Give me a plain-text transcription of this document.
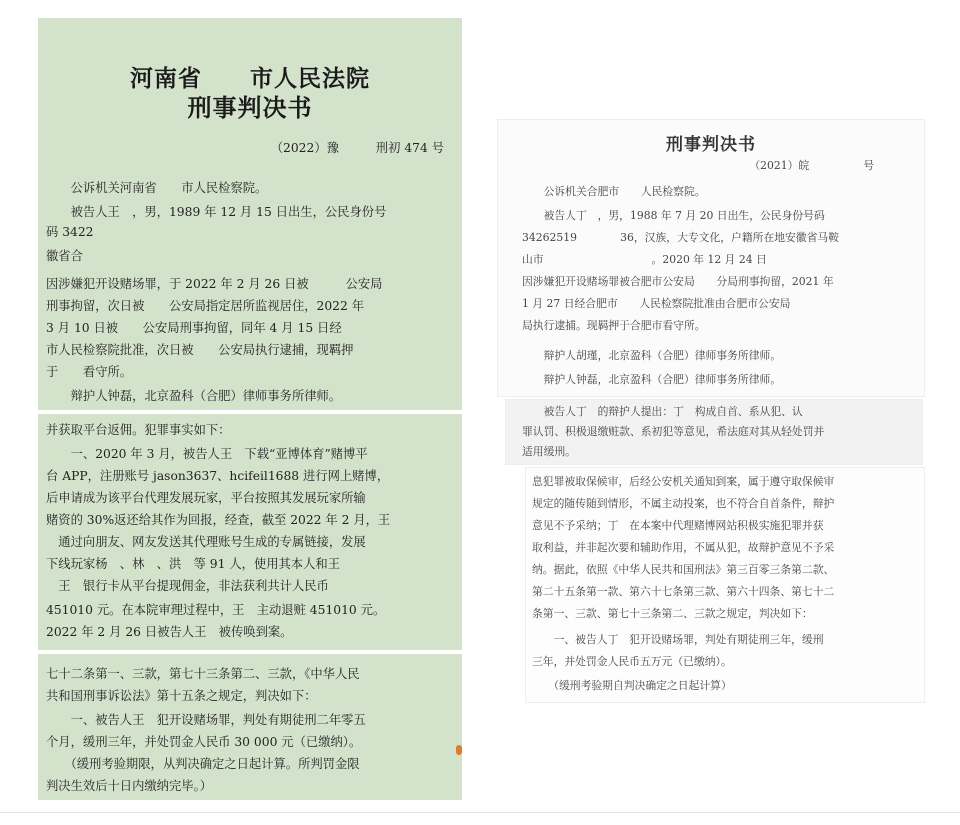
河南省　　市人民法院
刑事判决书
（2022）豫　　　刑初 474 号
　　公诉机关河南省　　市人民检察院。
　　被告人王　，男，1989 年 12 月 15 日出生，公民身份号
码 3422
徽省合
因涉嫌犯开设赌场罪，于 2022 年 2 月 26 日被　　　公安局
刑事拘留，次日被　　公安局指定居所监视居住，2022 年
3 月 10 日被　　公安局刑事拘留，同年 4 月 15 日经
市人民检察院批准，次日被　　公安局执行逮捕，现羁押
于　　看守所。
　　辩护人钟磊，北京盈科（合肥）律师事务所律师。
并获取平台返佣。犯罪事实如下：
　　一、2020 年 3 月，被告人王　下载“亚博体育”赌博平
台 APP，注册账号 jason3637、hcifeil1688 进行网上赌博，
后申请成为该平台代理发展玩家，平台按照其发展玩家所输
赌资的 30%返还给其作为回报，经查，截至 2022 年 2 月，王
　通过向朋友、网友发送其代理账号生成的专属链接，发展
下线玩家杨　、林　、洪　等 91 人，使用其本人和王
　王　银行卡从平台提现佣金，非法获利共计人民币
451010 元。在本院审理过程中，王　主动退赃 451010 元。
2022 年 2 月 26 日被告人王　被传唤到案。
七十二条第一、三款，第七十三条第二、三款，《中华人民
共和国刑事诉讼法》第十五条之规定，判决如下：
　　一、被告人王　犯开设赌场罪，判处有期徒刑二年零五
个月，缓刑三年，并处罚金人民币 30 000 元（已缴纳）。
　　（缓刑考验期限，从判决确定之日起计算。所判罚金限
判决生效后十日内缴纳完毕。）
刑事判决书
（2021）皖　　　　　号
　　公诉机关合肥市　　人民检察院。
　　被告人丁　，男，1988 年 7 月 20 日出生，公民身份号码
34262519　　　　36，汉族，大专文化，户籍所在地安徽省马鞍
山市　　　　　　　　　　。2020 年 12 月 24 日
因涉嫌犯开设赌场罪被合肥市公安局　　分局刑事拘留，2021 年
1 月 27 日经合肥市　　人民检察院批准由合肥市公安局
局执行逮捕。现羁押于合肥市看守所。
　　辩护人胡瑾，北京盈科（合肥）律师事务所律师。
　　辩护人钟磊，北京盈科（合肥）律师事务所律师。
　　被告人丁　的辩护人提出：丁　构成自首、系从犯、认
罪认罚、积极退缴赃款、系初犯等意见，希法庭对其从轻处罚并
适用缓刑。
息犯罪被取保候审，后经公安机关通知到案，属于遵守取保候审
规定的随传随到情形，不属主动投案，也不符合自首条件，辩护
意见不予采纳；丁　在本案中代理赌博网站积极实施犯罪并获
取利益，并非起次要和辅助作用，不属从犯，故辩护意见不予采
纳。据此，依照《中华人民共和国刑法》第三百零三条第二款、
第二十五条第一款、第六十七条第三款、第六十四条、第七十二
条第一、三款、第七十三条第二、三款之规定，判决如下：
　　一、被告人丁　犯开设赌场罪，判处有期徒刑三年，缓刑
三年，并处罚金人民币五万元（已缴纳）。
　　（缓刑考验期自判决确定之日起计算）
